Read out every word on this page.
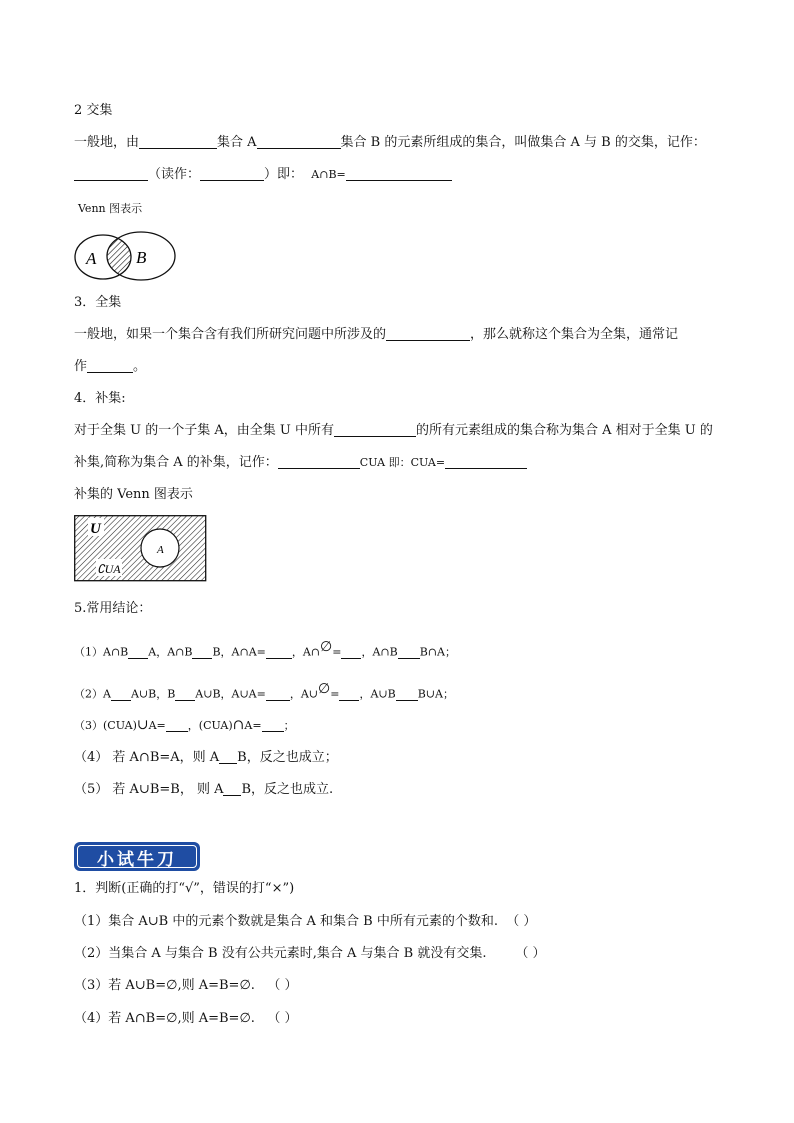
2 交集
一般地，由	集合 A	集合 B 的元素所组成的集合，叫做集合 A 与 B 的交集，记作：
（读作：	）即： A∩B=
Venn 图表示
A B
3．全集
一般地，如果一个集合含有我们所研究问题中所涉及的	，那么就称这个集合为全集，通常记
作	。
4．补集:
对于全集 U 的一个子集 A，由全集 U 中所有	的所有元素组成的集合称为集合 A 相对于全集 U 的
补集,简称为集合 A 的补集，记作：	CUA 即：CUA=
补集的 Venn 图表示
U
A
∁UA
5.常用结论：
（1）A∩B A，A∩B B，A∩A= ，A∩∅= ，A∩B B∩A；
（2）A A∪B，B A∪B，A∪A= ，A∪∅= ，A∪B B∪A；
（3）(CUA)∪A= ，(CUA)∩A= ；
（4） 若 A∩B=A，则 A B，反之也成立；
（5） 若 A∪B=B， 则 A B，反之也成立.
小试牛刀
1．判断(正确的打“√”，错误的打“×”)
（1）集合 A∪B 中的元素个数就是集合 A 和集合 B 中所有元素的个数和. （ ）
（2）当集合 A 与集合 B 没有公共元素时,集合 A 与集合 B 就没有交集. （ ）
（3）若 A∪B=∅,则 A=B=∅. （ ）
（4）若 A∩B=∅,则 A=B=∅. （ ）
